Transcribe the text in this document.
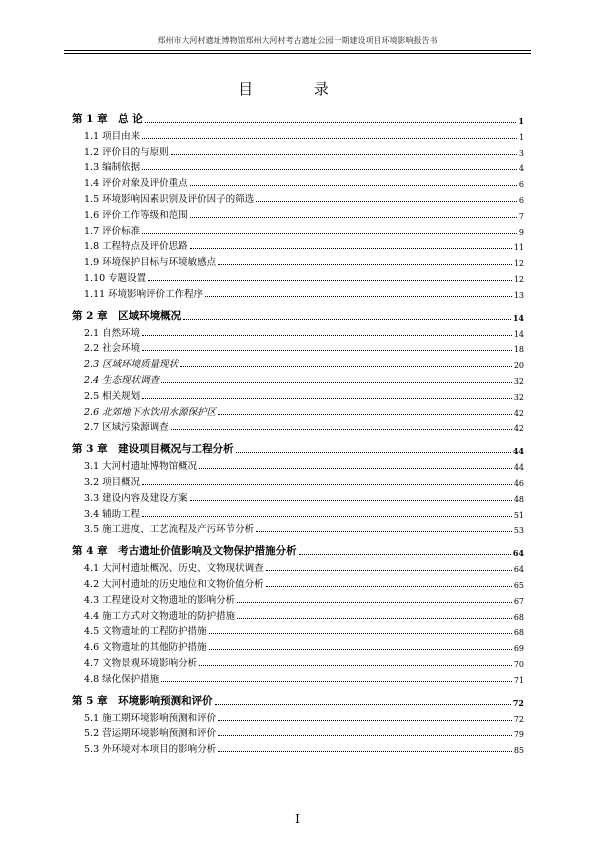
郑州市大河村遗址博物馆郑州大河村考古遗址公园一期建设项目环境影响报告书
目 录
第 1 章　总 论	1
1.1 项目由来	1
1.2 评价目的与原则	3
1.3 编制依据	4
1.4 评价对象及评价重点	6
1.5 环境影响因素识别及评价因子的筛选	6
1.6 评价工作等级和范围	7
1.7 评价标准	9
1.8 工程特点及评价思路	11
1.9 环境保护目标与环境敏感点	12
1.10 专题设置	12
1.11 环境影响评价工作程序	13
第 2 章　区域环境概况	14
2.1 自然环境	14
2.2 社会环境	18
2.3 区域环境质量现状	20
2.4 生态现状调查	32
2.5 相关规划	32
2.6 北郊地下水饮用水源保护区	42
2.7 区域污染源调查	42
第 3 章　建设项目概况与工程分析	44
3.1 大河村遗址博物馆概况	44
3.2 项目概况	46
3.3 建设内容及建设方案	48
3.4 辅助工程	51
3.5 施工进度、工艺流程及产污环节分析	53
第 4 章　考古遗址价值影响及文物保护措施分析	64
4.1 大河村遗址概况、历史、文物现状调查	64
4.2 大河村遗址的历史地位和文物价值分析	65
4.3 工程建设对文物遗址的影响分析	67
4.4 施工方式对文物遗址的防护措施	68
4.5 文物遗址的工程防护措施	68
4.6 文物遗址的其他防护措施	69
4.7 文物景观环境影响分析	70
4.8 绿化保护措施	71
第 5 章　环境影响预测和评价	72
5.1 施工期环境影响预测和评价	72
5.2 营运期环境影响预测和评价	79
5.3 外环境对本项目的影响分析	85
I
